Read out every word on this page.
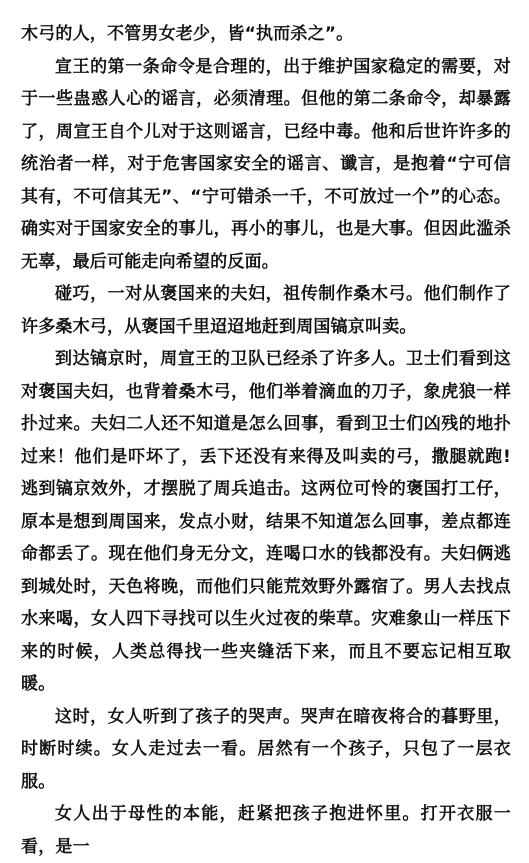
木弓的人，不管男女老少，皆“执而杀之”。

宣王的第一条命令是合理的，出于维护国家稳定的需要，对于一些蛊惑人心的谣言，必须清理。但他的第二条命令，却暴露了，周宣王自个儿对于这则谣言，已经中毒。他和后世许许多的统治者一样，对于危害国家安全的谣言、谶言，是抱着“宁可信其有，不可信其无”、“宁可错杀一千，不可放过一个”的心态。确实对于国家安全的事儿，再小的事儿，也是大事。但因此滥杀无辜，最后可能走向希望的反面。

碰巧，一对从褒国来的夫妇，祖传制作桑木弓。他们制作了许多桑木弓，从褒国千里迢迢地赶到周国镐京叫卖。

到达镐京时，周宣王的卫队已经杀了许多人。卫士们看到这对褒国夫妇，也背着桑木弓，他们举着滴血的刀子，象虎狼一样扑过来。夫妇二人还不知道是怎么回事，看到卫士们凶残的地扑过来！他们是吓坏了，丢下还没有来得及叫卖的弓，撒腿就跑! 逃到镐京效外，才摆脱了周兵追击。这两位可怜的褒国打工仔，原本是想到周国来，发点小财，结果不知道怎么回事，差点都连命都丢了。现在他们身无分文，连喝口水的钱都没有。夫妇俩逃到城处时，天色将晚，而他们只能荒效野外露宿了。男人去找点水来喝，女人四下寻找可以生火过夜的柴草。灾难象山一样压下来的时候，人类总得找一些夹缝活下来，而且不要忘记相互取暖。

这时，女人听到了孩子的哭声。哭声在暗夜将合的暮野里，时断时续。女人走过去一看。居然有一个孩子，只包了一层衣服。

女人出于母性的本能，赶紧把孩子抱进怀里。打开衣服一看，是一
